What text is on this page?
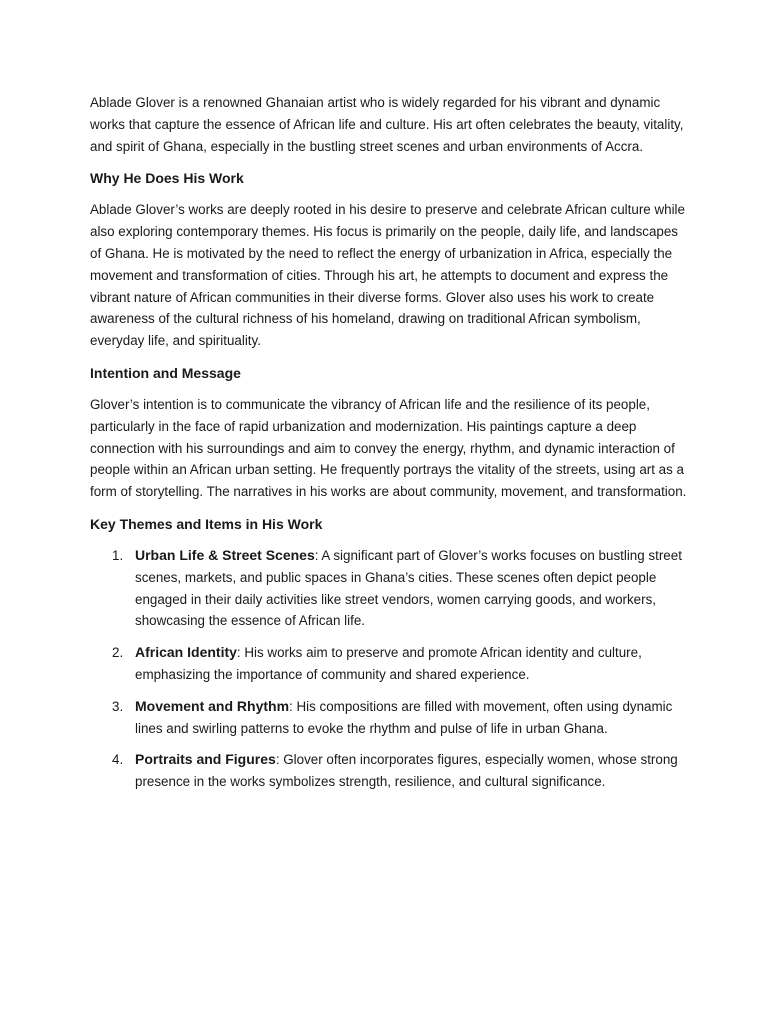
Ablade Glover is a renowned Ghanaian artist who is widely regarded for his vibrant and dynamic works that capture the essence of African life and culture. His art often celebrates the beauty, vitality, and spirit of Ghana, especially in the bustling street scenes and urban environments of Accra.

Why He Does His Work

Ablade Glover’s works are deeply rooted in his desire to preserve and celebrate African culture while also exploring contemporary themes. His focus is primarily on the people, daily life, and landscapes of Ghana. He is motivated by the need to reflect the energy of urbanization in Africa, especially the movement and transformation of cities. Through his art, he attempts to document and express the vibrant nature of African communities in their diverse forms. Glover also uses his work to create awareness of the cultural richness of his homeland, drawing on traditional African symbolism, everyday life, and spirituality.

Intention and Message

Glover’s intention is to communicate the vibrancy of African life and the resilience of its people, particularly in the face of rapid urbanization and modernization. His paintings capture a deep connection with his surroundings and aim to convey the energy, rhythm, and dynamic interaction of people within an African urban setting. He frequently portrays the vitality of the streets, using art as a form of storytelling. The narratives in his works are about community, movement, and transformation.

Key Themes and Items in His Work
1. Urban Life & Street Scenes: A significant part of Glover’s works focuses on bustling street scenes, markets, and public spaces in Ghana’s cities. These scenes often depict people engaged in their daily activities like street vendors, women carrying goods, and workers, showcasing the essence of African life.
2. African Identity: His works aim to preserve and promote African identity and culture, emphasizing the importance of community and shared experience.
3. Movement and Rhythm: His compositions are filled with movement, often using dynamic lines and swirling patterns to evoke the rhythm and pulse of life in urban Ghana.
4. Portraits and Figures: Glover often incorporates figures, especially women, whose strong presence in the works symbolizes strength, resilience, and cultural significance.
